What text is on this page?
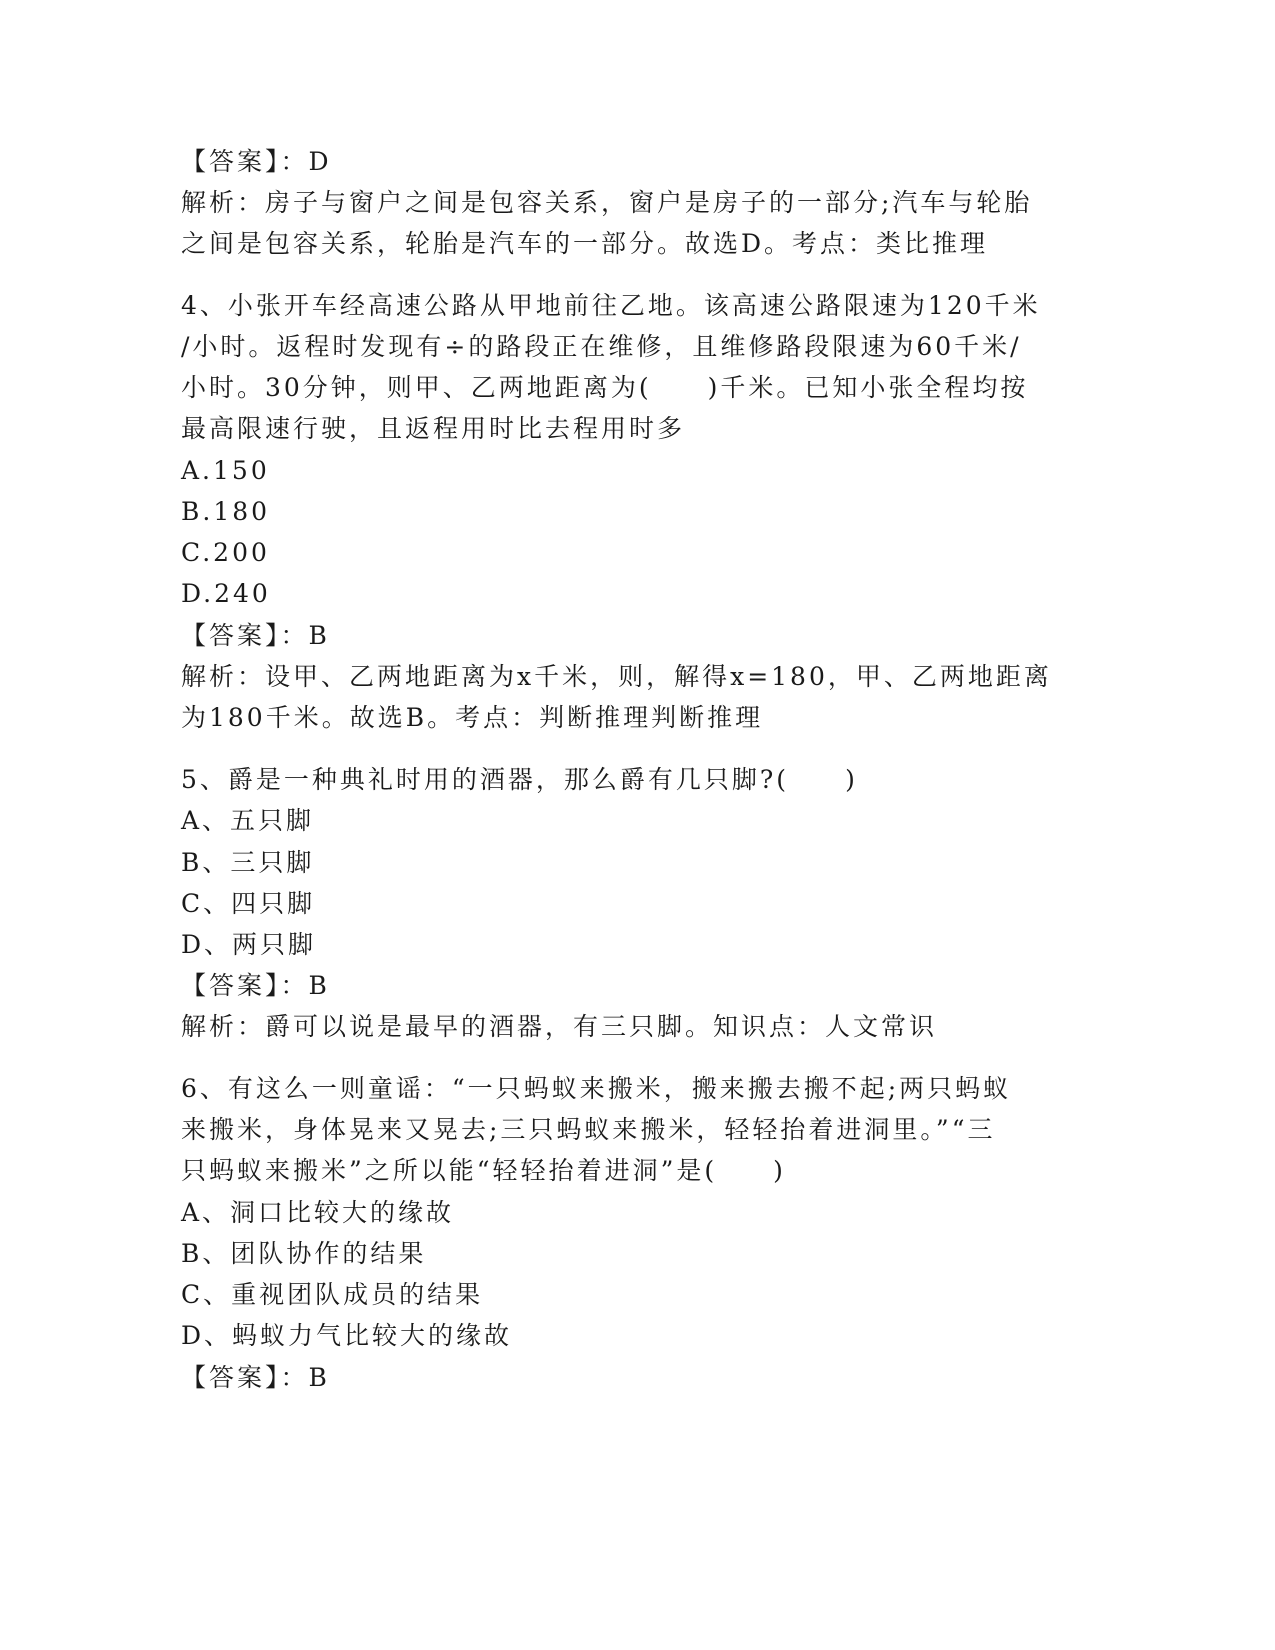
【答案】：D
解析：房子与窗户之间是包容关系，窗户是房子的一部分;汽车与轮胎
之间是包容关系，轮胎是汽车的一部分。故选D。考点：类比推理
4、小张开车经高速公路从甲地前往乙地。该高速公路限速为120千米
/小时。返程时发现有÷的路段正在维修，且维修路段限速为60千米/
小时。30分钟，则甲、乙两地距离为(　　)千米。已知小张全程均按
最高限速行驶，且返程用时比去程用时多
A.150
B.180
C.200
D.240
【答案】：B
解析：设甲、乙两地距离为x千米，则，解得x=180，甲、乙两地距离
为180千米。故选B。考点：判断推理判断推理
5、爵是一种典礼时用的酒器，那么爵有几只脚?(　　)
A、五只脚
B、三只脚
C、四只脚
D、两只脚
【答案】：B
解析：爵可以说是最早的酒器，有三只脚。知识点：人文常识
6、有这么一则童谣：“一只蚂蚁来搬米，搬来搬去搬不起;两只蚂蚁
来搬米，身体晃来又晃去;三只蚂蚁来搬米，轻轻抬着进洞里。”“三
只蚂蚁来搬米”之所以能“轻轻抬着进洞”是(　　)
A、洞口比较大的缘故
B、团队协作的结果
C、重视团队成员的结果
D、蚂蚁力气比较大的缘故
【答案】：B
